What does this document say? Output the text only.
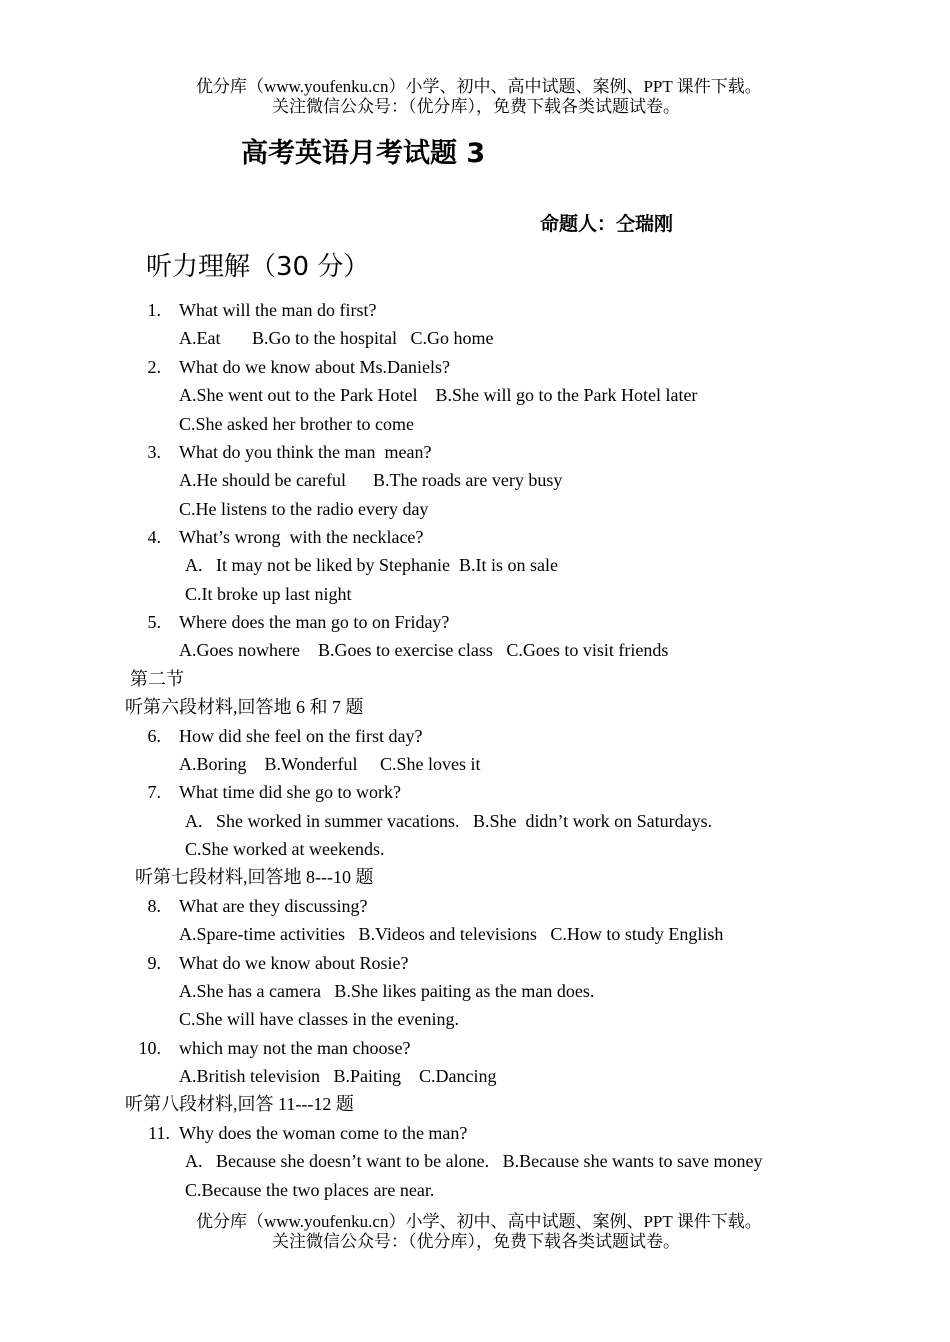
优分库（www.youfenku.cn）小学、初中、高中试题、案例、PPT 课件下载。
关注微信公众号：（优分库），免费下载各类试题试卷。
高考英语月考试题 3
命题人：仝瑞刚
听力理解（30 分）
1. What will the man do first?
A.Eat       B.Go to the hospital   C.Go home
2. What do we know about Ms.Daniels?
A.She went out to the Park Hotel    B.She will go to the Park Hotel later
C.She asked her brother to come
3. What do you think the man  mean?
A.He should be careful      B.The roads are very busy
C.He listens to the radio every day
4. What’s wrong  with the necklace?
A.   It may not be liked by Stephanie  B.It is on sale
C.It broke up last night
5. Where does the man go to on Friday?
A.Goes nowhere    B.Goes to exercise class   C.Goes to visit friends
第二节
听第六段材料,回答地 6 和 7 题
6. How did she feel on the first day?
A.Boring    B.Wonderful     C.She loves it
7. What time did she go to work?
A.   She worked in summer vacations.   B.She  didn’t work on Saturdays.
C.She worked at weekends.
听第七段材料,回答地 8---10 题
8. What are they discussing?
A.Spare-time activities   B.Videos and televisions   C.How to study English
9. What do we know about Rosie?
A.She has a camera   B.She likes paiting as the man does.
C.She will have classes in the evening.
10. which may not the man choose?
A.British television   B.Paiting    C.Dancing
听第八段材料,回答 11---12 题
11. Why does the woman come to the man?
A.   Because she doesn’t want to be alone.   B.Because she wants to save money
C.Because the two places are near.
优分库（www.youfenku.cn）小学、初中、高中试题、案例、PPT 课件下载。
关注微信公众号：（优分库），免费下载各类试题试卷。
